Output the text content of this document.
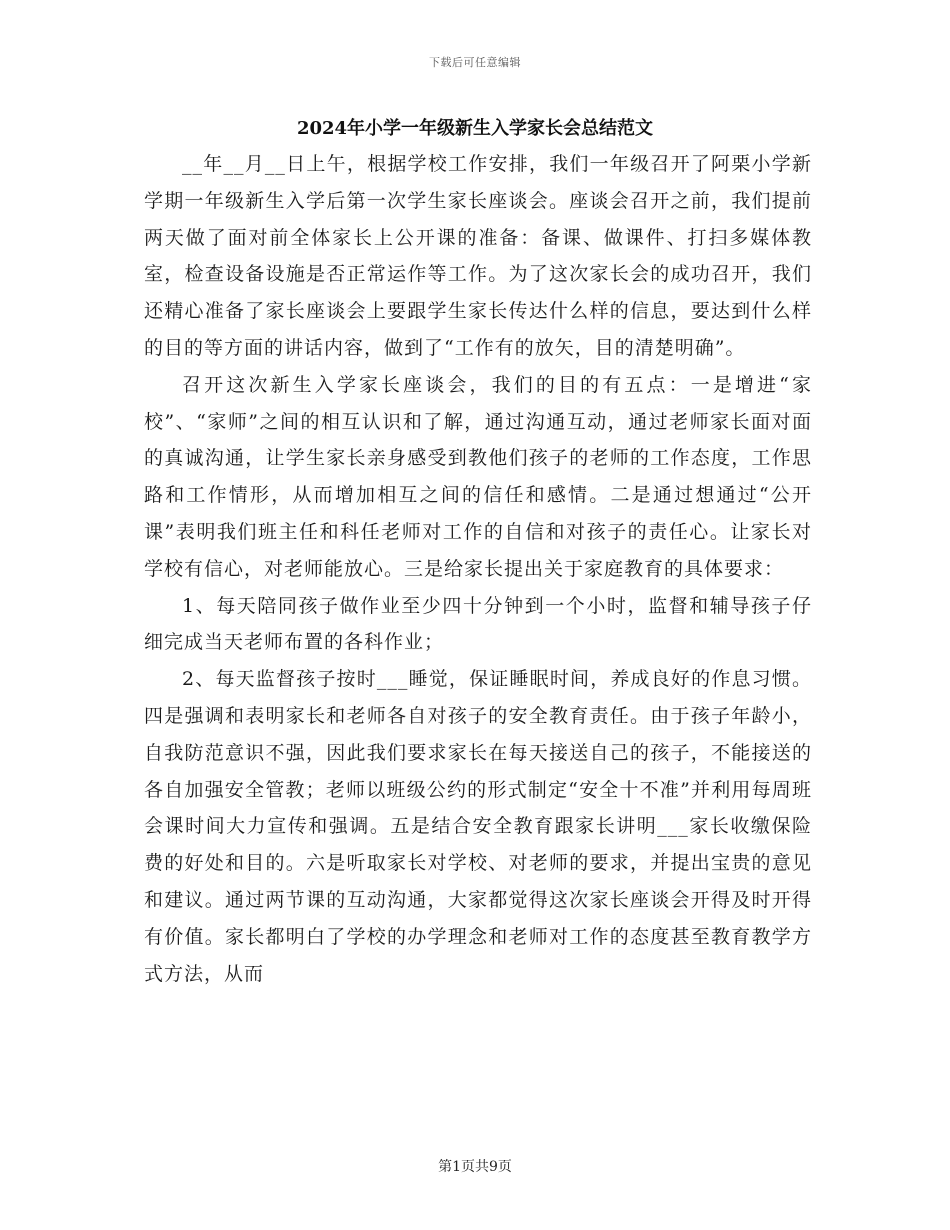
下载后可任意编辑
2024年小学一年级新生入学家长会总结范文

__年__月__日上午，根据学校工作安排，我们一年级召开了阿栗小学新学期一年级新生入学后第一次学生家长座谈会。座谈会召开之前，我们提前两天做了面对前全体家长上公开课的准备：备课、做课件、打扫多媒体教室，检查设备设施是否正常运作等工作。为了这次家长会的成功召开，我们还精心准备了家长座谈会上要跟学生家长传达什么样的信息，要达到什么样的目的等方面的讲话内容，做到了“工作有的放矢，目的清楚明确”。

召开这次新生入学家长座谈会，我们的目的有五点：一是增进“家校”、“家师”之间的相互认识和了解，通过沟通互动，通过老师家长面对面的真诚沟通，让学生家长亲身感受到教他们孩子的老师的工作态度，工作思路和工作情形，从而增加相互之间的信任和感情。二是通过想通过“公开课”表明我们班主任和科任老师对工作的自信和对孩子的责任心。让家长对学校有信心，对老师能放心。三是给家长提出关于家庭教育的具体要求：

1、每天陪同孩子做作业至少四十分钟到一个小时，监督和辅导孩子仔细完成当天老师布置的各科作业；

2、每天监督孩子按时___睡觉，保证睡眠时间，养成良好的作息习惯。四是强调和表明家长和老师各自对孩子的安全教育责任。由于孩子年龄小，自我防范意识不强，因此我们要求家长在每天接送自己的孩子，不能接送的各自加强安全管教；老师以班级公约的形式制定“安全十不准”并利用每周班会课时间大力宣传和强调。五是结合安全教育跟家长讲明___家长收缴保险费的好处和目的。六是听取家长对学校、对老师的要求，并提出宝贵的意见和建议。通过两节课的互动沟通，大家都觉得这次家长座谈会开得及时开得有价值。家长都明白了学校的办学理念和老师对工作的态度甚至教育教学方式方法，从而

第1页共9页
